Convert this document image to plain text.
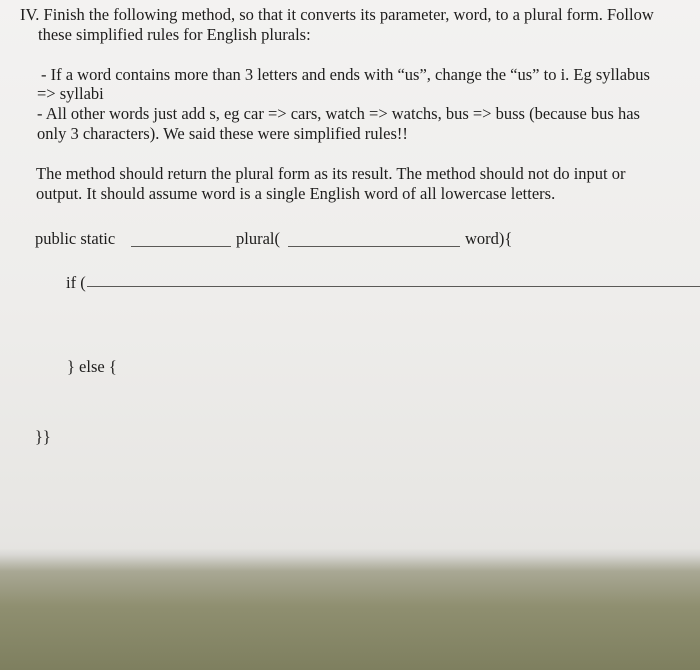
IV. Finish the following method, so that it converts its parameter, word, to a plural form. Follow
these simplified rules for English plurals:
- If a word contains more than 3 letters and ends with “us”, change the “us” to i. Eg syllabus
=> syllabi
- All other words just add s, eg car => cars, watch => watchs, bus => buss (because bus has
only 3 characters). We said these were simplified rules!!
The method should return the plural form as its result. The method should not do input or
output. It should assume word is a single English word of all lowercase letters.
public static	plural(	word){
if (
} else {
}}
